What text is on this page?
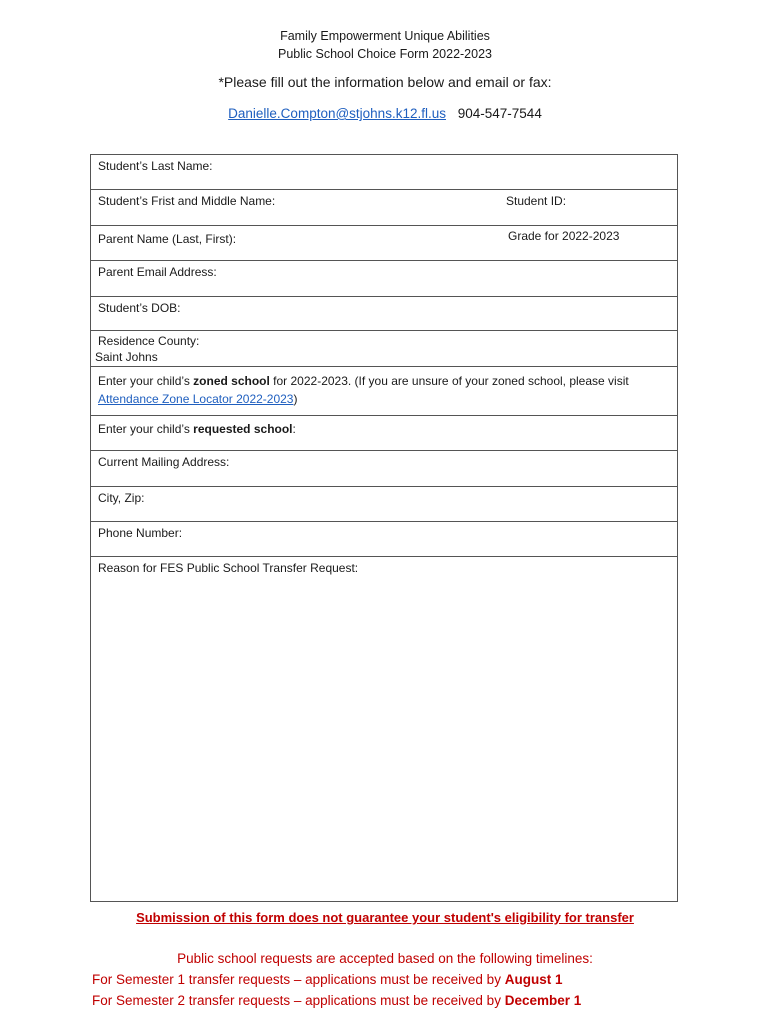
Family Empowerment Unique Abilities
Public School Choice Form 2022-2023
*Please fill out the information below and email or fax:
Danielle.Compton@stjohns.k12.fl.us 904-547-7544
Student’s Last Name:
Student’s Frist and Middle Name:	Student ID:
Parent Name (Last, First):	Grade for 2022-2023
Parent Email Address:
Student’s DOB:
Residence County:
Saint Johns
Enter your child’s zoned school for 2022-2023. (If you are unsure of your zoned school, please visit
Attendance Zone Locator 2022-2023)
Enter your child’s requested school:
Current Mailing Address:
City, Zip:
Phone Number:
Reason for FES Public School Transfer Request:
Submission of this form does not guarantee your student's eligibility for transfer
Public school requests are accepted based on the following timelines:
For Semester 1 transfer requests – applications must be received by August 1
For Semester 2 transfer requests – applications must be received by December 1
